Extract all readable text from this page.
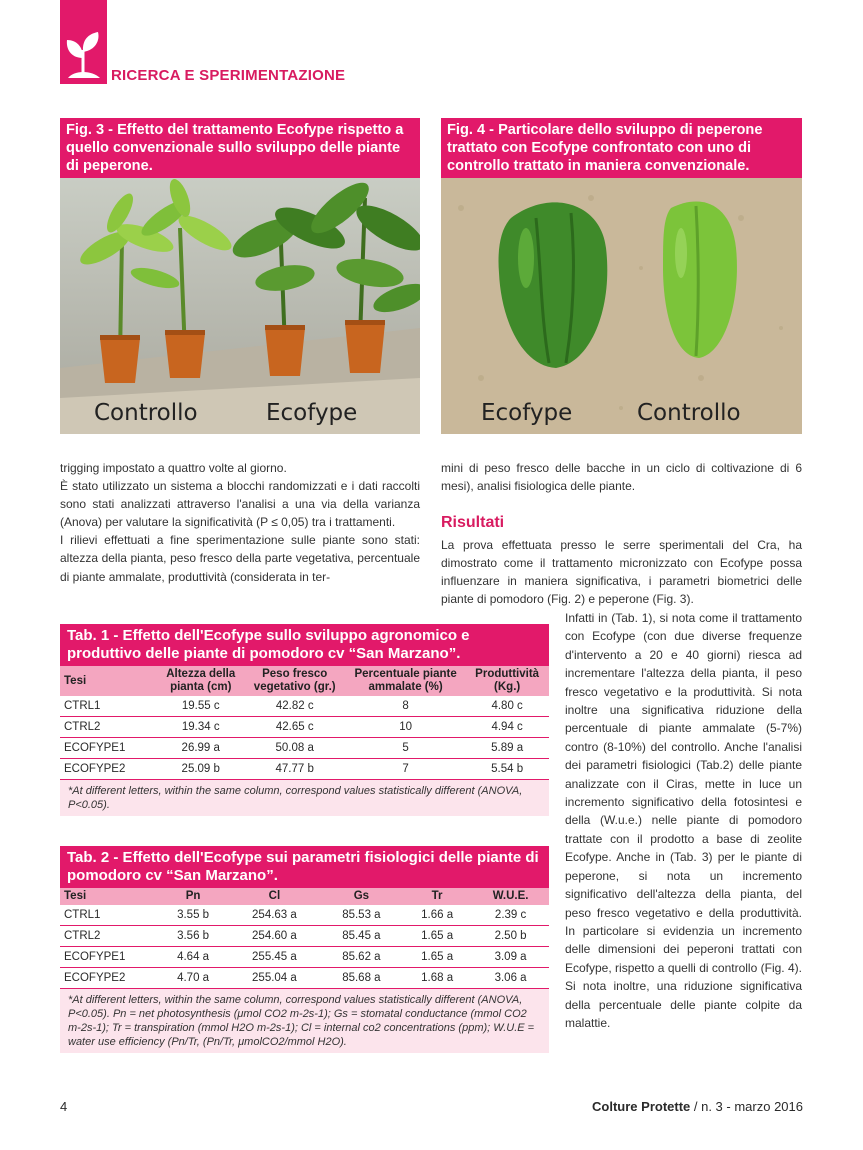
RICERCA E SPERIMENTAZIONE
Fig. 3 - Effetto del trattamento Ecofype rispetto a quello convenzionale sullo sviluppo delle piante di peperone.
Controllo	Ecofype
Fig. 4 - Particolare dello sviluppo di peperone trattato con Ecofype confrontato con uno di controllo trattato in maniera convenzionale.
Ecofype	Controllo

trigging impostato a quattro volte al giorno.

È stato utilizzato un sistema a blocchi randomizzati e i dati raccolti sono stati analizzati attraverso l'analisi a una via della varianza (Anova) per valutare la significatività (P ≤ 0,05) tra i trattamenti.

I rilievi effettuati a fine sperimentazione sulle piante sono stati: altezza della pianta, peso fresco della parte vegetativa, percentuale di piante ammalate, produttività (considerata in ter-

mini di peso fresco delle bacche in un ciclo di coltivazione di 6 mesi), analisi fisiologica delle piante.

Risultati

La prova effettuata presso le serre sperimentali del Cra, ha dimostrato come il trattamento micronizzato con Ecofype possa influenzare in maniera significativa, i parametri biometrici delle piante di pomodoro (Fig. 2) e peperone (Fig. 3).

Infatti in (Tab. 1), si nota come il trattamento con Ecofype (con due diverse frequenze d'intervento a 20 e 40 giorni) riesca ad incrementare l'altezza della pianta, il peso fresco vegetativo e la produttività. Si nota inoltre una significativa riduzione della percentuale di piante ammalate (5-7%) contro (8-10%) del controllo. Anche l'analisi dei parametri fisiologici (Tab.2) delle piante analizzate con il Ciras, mette in luce un incremento significativo della fotosintesi e della (W.u.e.) nelle piante di pomodoro trattate con il prodotto a base di zeolite Ecofype. Anche in (Tab. 3) per le piante di peperone, si nota un incremento significativo dell'altezza della pianta, del peso fresco vegetativo e della produttività. In particolare si evidenzia un incremento delle dimensioni dei peperoni trattati con Ecofype, rispetto a quelli di controllo (Fig. 4). Si nota inoltre, una riduzione significativa della percentuale delle piante colpite da malattie.

Tab. 1 - Effetto dell'Ecofype sullo sviluppo agronomico e produttivo delle piante di pomodoro cv “San Marzano”.
Tesi	Altezza della pianta (cm)	Peso fresco vegetativo (gr.)	Percentuale piante ammalate (%)	Produttività (Kg.)
CTRL1	19.55 c	42.82 c	8	4.80 c
CTRL2	19.34 c	42.65 c	10	4.94 c
ECOFYPE1	26.99 a	50.08 a	5	5.89 a
ECOFYPE2	25.09 b	47.77 b	7	5.54 b
*At different letters, within the same column, correspond values statistically different (ANOVA, P<0.05).
Tab. 2 - Effetto dell'Ecofype sui parametri fisiologici delle piante di pomodoro cv “San Marzano”.
Tesi	Pn	Cl	Gs	Tr	W.U.E.
CTRL1	3.55 b	254.63 a	85.53 a	1.66 a	2.39 c
CTRL2	3.56 b	254.60 a	85.45 a	1.65 a	2.50 b
ECOFYPE1	4.64 a	255.45 a	85.62 a	1.65 a	3.09 a
ECOFYPE2	4.70 a	255.04 a	85.68 a	1.68 a	3.06 a
*At different letters, within the same column, correspond values statistically different (ANOVA, P<0.05). Pn = net photosynthesis (μmol CO2 m-2s-1); Gs = stomatal conductance (mmol CO2 m-2s-1); Tr = transpiration (mmol H2O m-2s-1); Cl = internal co2 concentrations (ppm); W.U.E = water use efficiency (Pn/Tr, (Pn/Tr, μmolCO2/mmol H2O).
4	Colture Protette / n. 3 - marzo 2016
